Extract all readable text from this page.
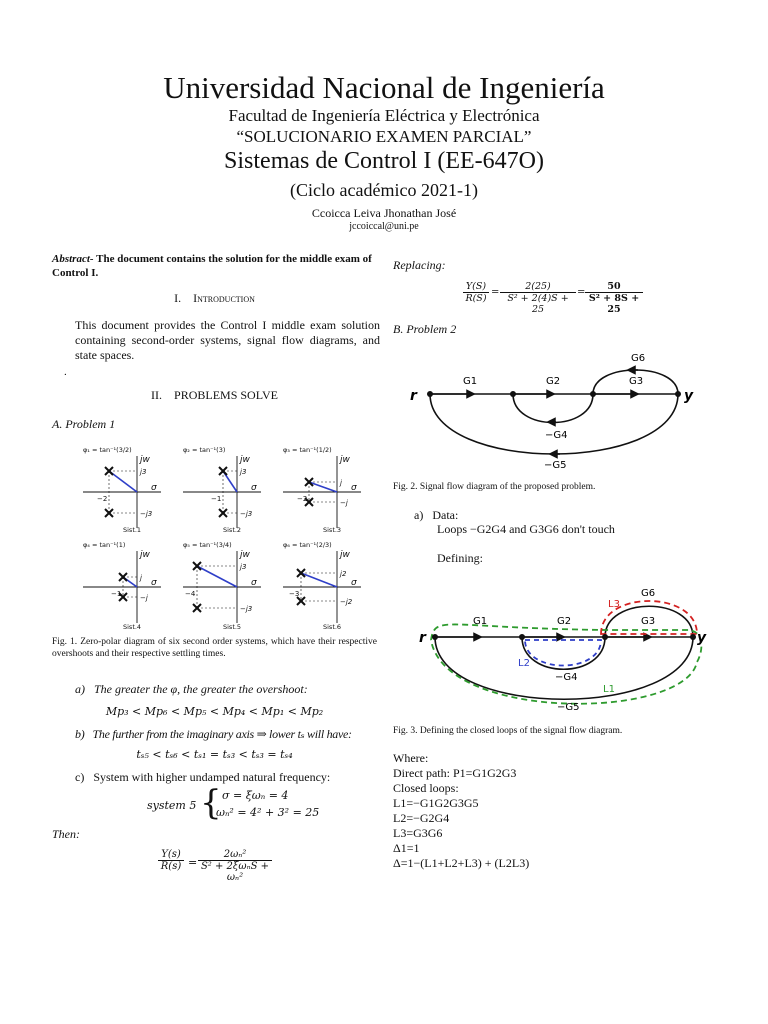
Universidad Nacional de Ingeniería
Facultad de Ingeniería Eléctrica y Electrónica
“SOLUCIONARIO EXAMEN PARCIAL”
Sistemas de Control I (EE-647O)
(Ciclo académico 2021-1)
Ccoicca Leiva Jhonathan José
jccoiccal@uni.pe
Abstract- The document contains the solution for the middle exam of Control I.
I. Introduction
This document provides the Control I middle exam solution containing second-order systems, signal flow diagrams, and state spaces.
.
II. PROBLEMS SOLVE
A. Problem 1
φ₁ = tan⁻¹(3/2)
jw
σ
j3
−j3
−2
Sist.1
φ₂ = tan⁻¹(3)
jw
σ
j3
−j3
−1
Sist.2
φ₃ = tan⁻¹(1/2)
jw
σ
j
−j
−2
Sist.3
φ₄ = tan⁻¹(1)
jw
σ
j
−j
−1
Sist.4
φ₅ = tan⁻¹(3/4)
jw
σ
j3
−j3
−4
Sist.5
φ₆ = tan⁻¹(2/3)
jw
σ
j2
−j2
−3
Sist.6
Fig. 1. Zero-polar diagram of six second order systems, which have their respective overshoots and their respective settling times.
a) The greater the φ, the greater the overshoot:
Mp₃ < Mp₆ < Mp₅ < Mp₄ < Mp₁ < Mp₂
b) The further from the imaginary axis ⇒ lower tₛ will have:
tₛ₅ < tₛ₆ < tₛ₁ = tₛ₃ < tₛ₃ = tₛ₄
c) System with higher undamped natural frequency:
system 5 { σ = ξωₙ = 4
ωₙ² = 4² + 3² = 25
Then:
$\frac{Y(s)}{R(s)}$ =
2ωₙ²
S² + 2ξωₙS + ωₙ²
Replacing:
$\frac{Y(S)}{R(S)} = \frac{2(25)}{\text{S² + 2(4)S + 25}} = \frac{50}{\text{S² + 8S + 25}}$
B. Problem 2
r	y
G1	G2	G3
G6
−G4
−G5
Fig. 2. Signal flow diagram of the proposed problem.
a) Data:
Loops −G2G4 and G3G6 don't touch
Defining:
r	y
G1	G2	G3
G6
−G4
−G5
L1
L2
L3
Fig. 3. Defining the closed loops of the signal flow diagram.
Where:
Direct path: P1=G1G2G3
Closed loops:
L1=−G1G2G3G5
L2=−G2G4
L3=G3G6
Δ1=1
Δ=1−(L1+L2+L3) + (L2L3)
